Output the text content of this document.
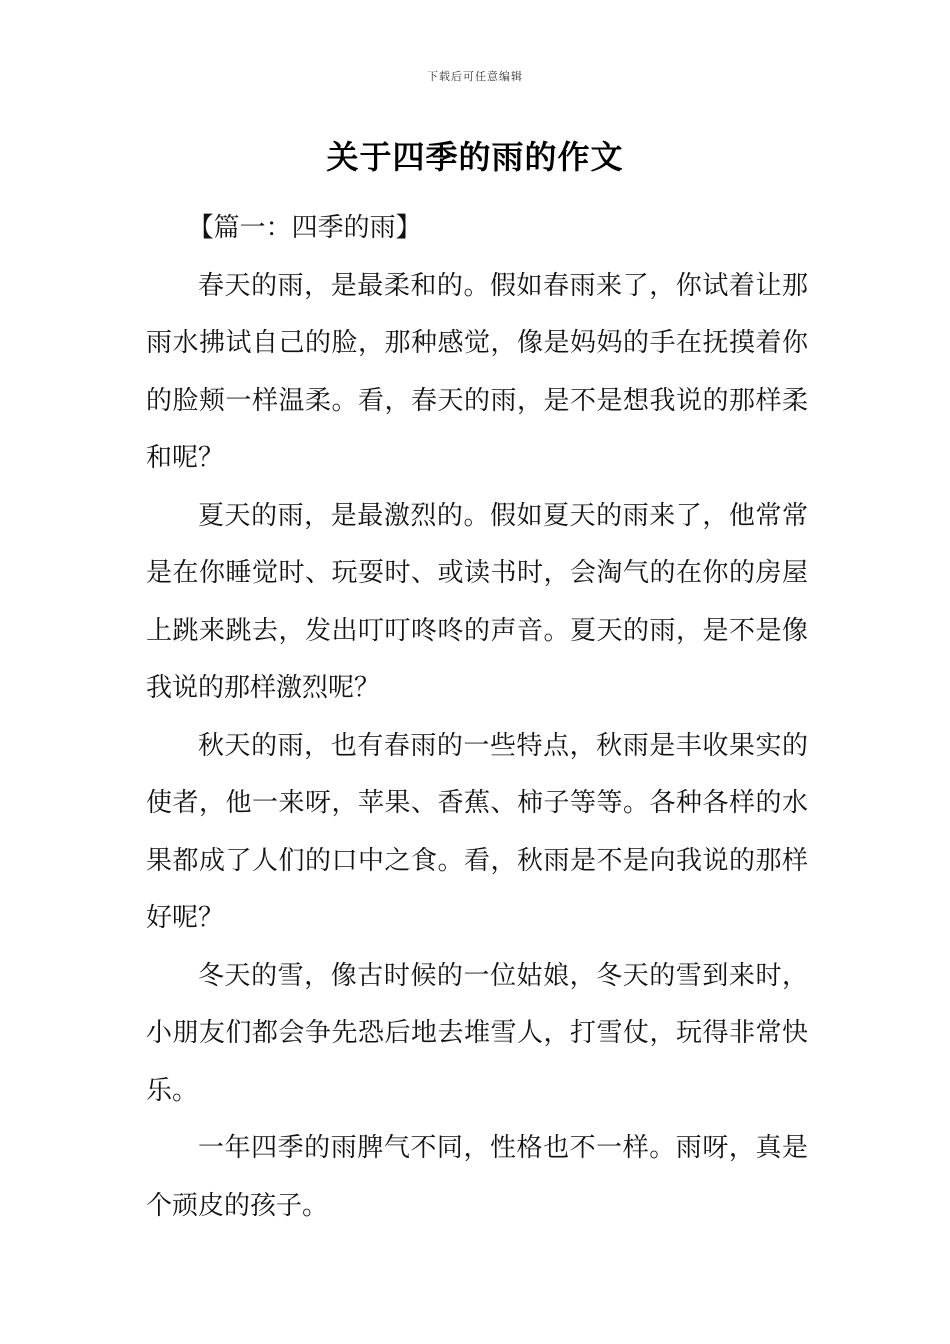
下载后可任意编辑
关于四季的雨的作文

【篇一：四季的雨】

春天的雨，是最柔和的。假如春雨来了，你试着让那雨水拂试自己的脸，那种感觉，像是妈妈的手在抚摸着你的脸颊一样温柔。看，春天的雨，是不是想我说的那样柔和呢？

夏天的雨，是最激烈的。假如夏天的雨来了，他常常是在你睡觉时、玩耍时、或读书时，会淘气的在你的房屋上跳来跳去，发出叮叮咚咚的声音。夏天的雨，是不是像我说的那样激烈呢？

秋天的雨，也有春雨的一些特点，秋雨是丰收果实的使者，他一来呀，苹果、香蕉、柿子等等。各种各样的水果都成了人们的口中之食。看，秋雨是不是向我说的那样好呢？

冬天的雪，像古时候的一位姑娘，冬天的雪到来时，小朋友们都会争先恐后地去堆雪人，打雪仗，玩得非常快乐。

一年四季的雨脾气不同，性格也不一样。雨呀，真是个顽皮的孩子。
